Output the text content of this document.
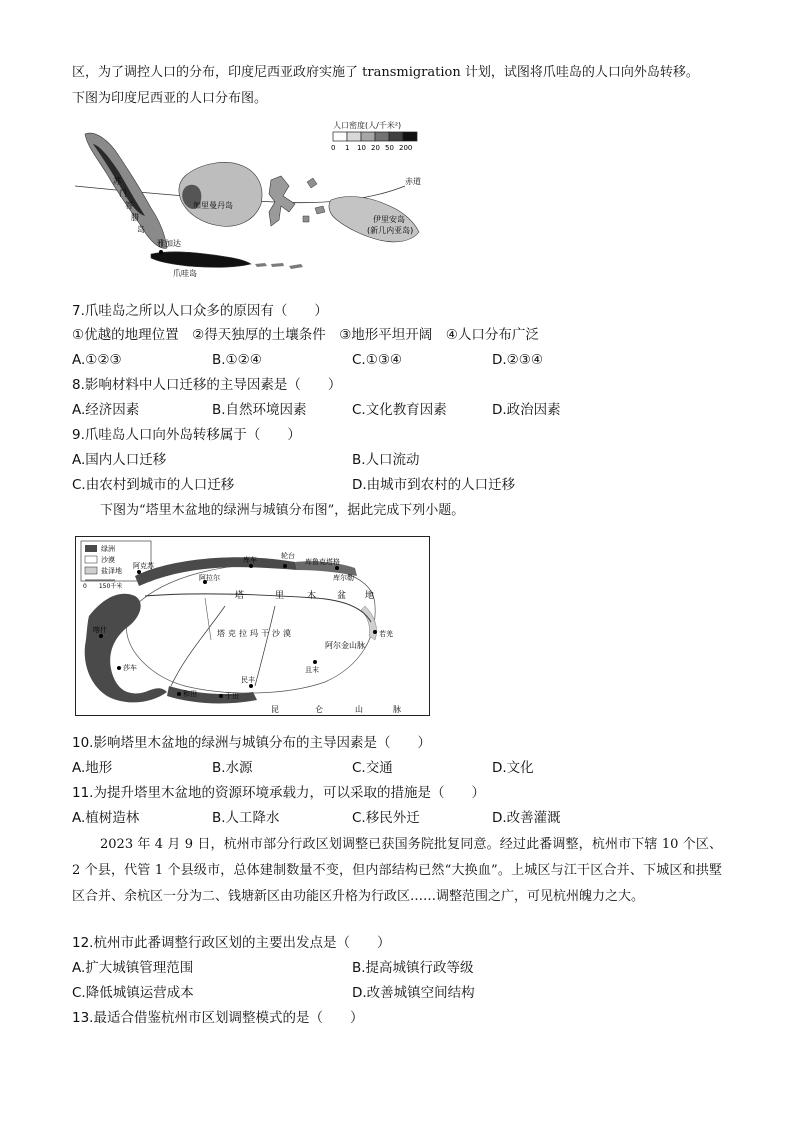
区，为了调控人口的分布，印度尼西亚政府实施了 transmigration 计划，试图将爪哇岛的人口向外岛转移。
下图为印度尼西亚的人口分布图。
人口密度(人/千米²)
0 1 10 20 50 200
赤道
苏
门
答
腊
岛
加里曼丹岛
伊里安岛
(新几内亚岛)
雅加达
爪哇岛
7.爪哇岛之所以人口众多的原因有（　　）
①优越的地理位置　②得天独厚的土壤条件　③地形平坦开阔　④人口分布广泛
A.①②③	B.①②④	C.①③④	D.②③④
8.影响材料中人口迁移的主导因素是（　　）
A.经济因素	B.自然环境因素	C.文化教育因素	D.政治因素
9.爪哇岛人口向外岛转移属于（　　）
A.国内人口迁移	B.人口流动
C.由农村到城市的人口迁移	D.由城市到农村的人口迁移
下图为“塔里木盆地的绿洲与城镇分布图”，据此完成下列小题。
绿洲
沙漠
盐泽地
0　　150千米
塔	里	木 盆 地
塔克拉玛干沙漠
阿尔金山脉
库鲁克塔格
昆	仑	山	脉
阿克苏
阿拉尔
库车	轮台
库尔勒
喀什
莎车
和田	于田
且末
若羌
民丰
10.影响塔里木盆地的绿洲与城镇分布的主导因素是（　　）
A.地形	B.水源	C.交通	D.文化
11.为提升塔里木盆地的资源环境承载力，可以采取的措施是（　　）
A.植树造林	B.人工降水	C.移民外迁	D.改善灌溉
2023 年 4 月 9 日，杭州市部分行政区划调整已获国务院批复同意。经过此番调整，杭州市下辖 10 个区、2 个县，代管 1 个县级市，总体建制数量不变，但内部结构已然“大换血”。上城区与江干区合并、下城区和拱墅区合并、余杭区一分为二、钱塘新区由功能区升格为行政区……调整范围之广，可见杭州魄力之大。
12.杭州市此番调整行政区划的主要出发点是（　　）
A.扩大城镇管理范围	B.提高城镇行政等级
C.降低城镇运营成本	D.改善城镇空间结构
13.最适合借鉴杭州市区划调整模式的是（　　）
